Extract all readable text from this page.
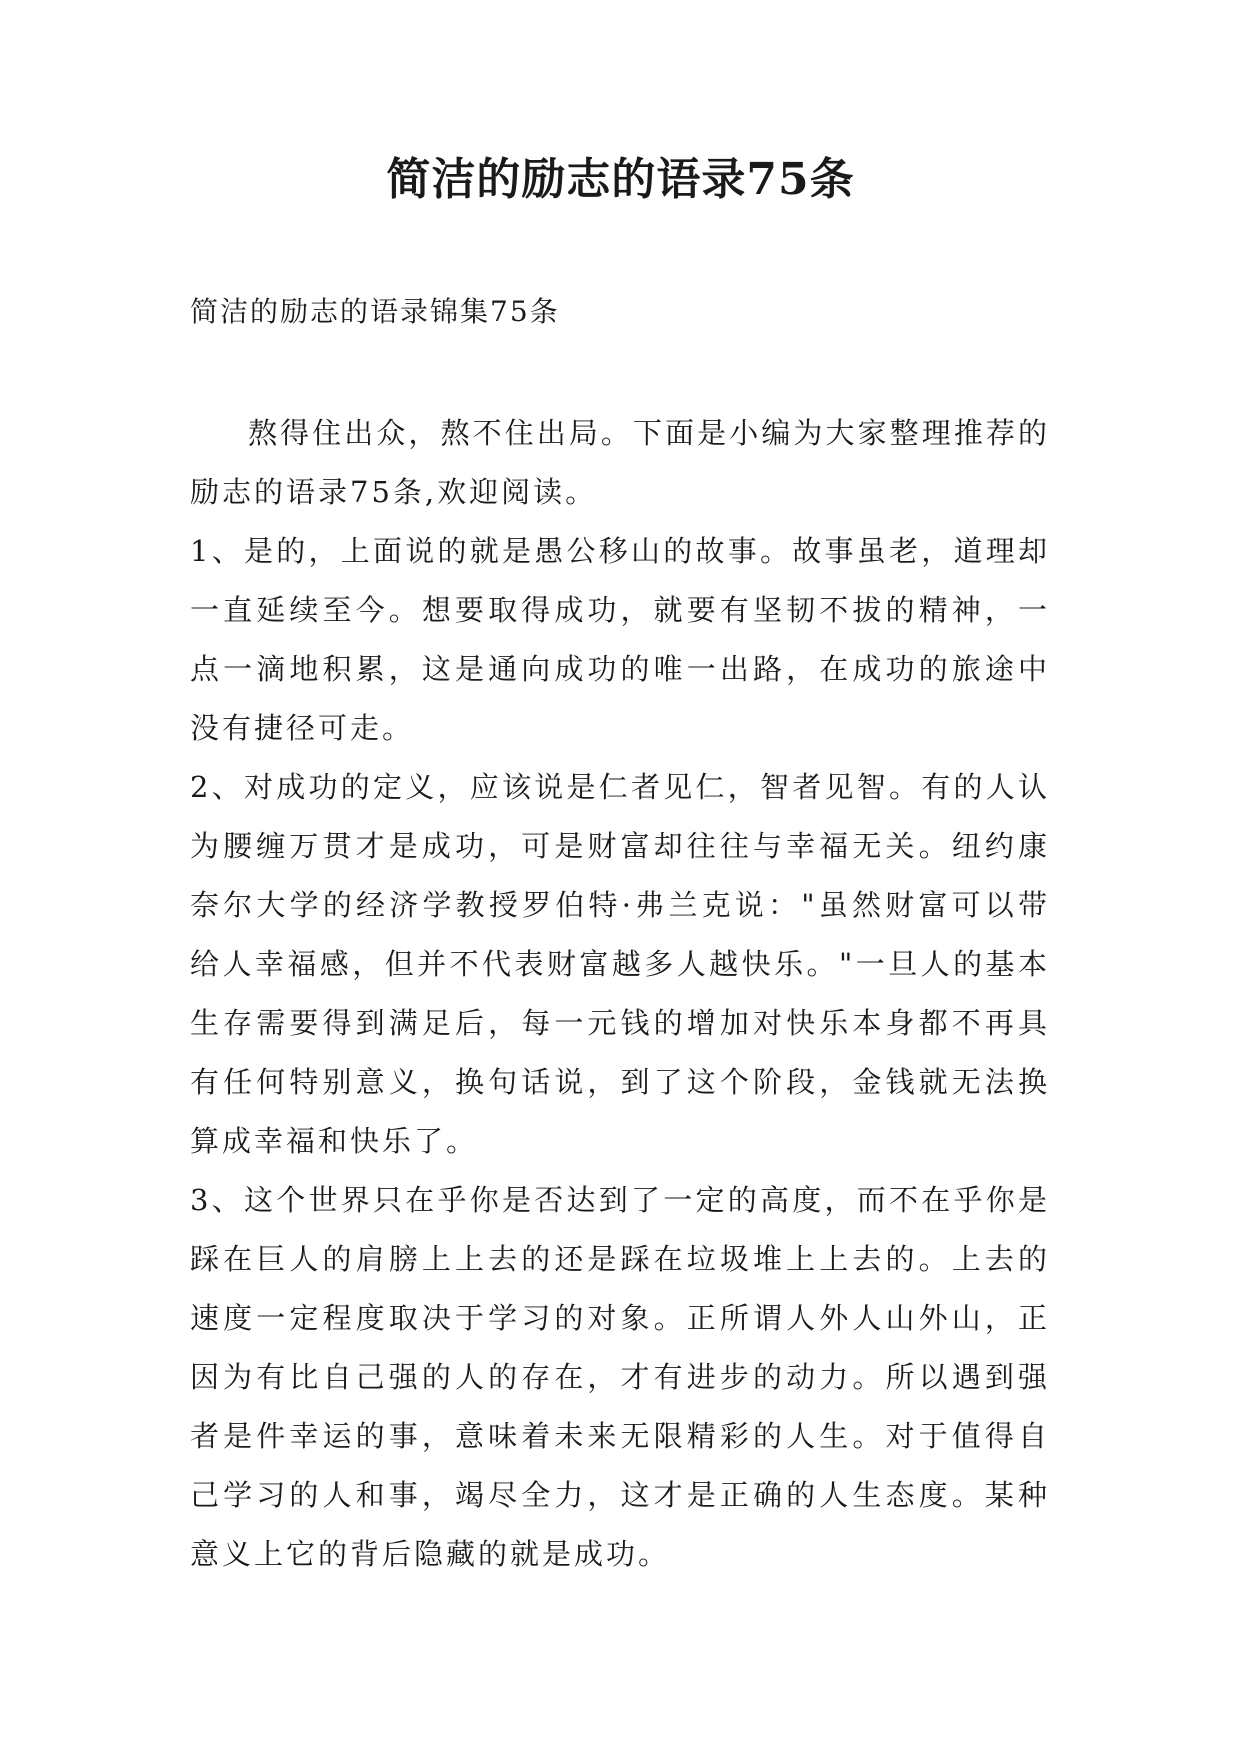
简洁的励志的语录75条

简洁的励志的语录锦集75条

熬得住出众，熬不住出局。下面是小编为大家整理推荐的励志的语录75条,欢迎阅读。

1、是的，上面说的就是愚公移山的故事。故事虽老，道理却一直延续至今。想要取得成功，就要有坚韧不拔的精神，一点一滴地积累，这是通向成功的唯一出路，在成功的旅途中没有捷径可走。

2、对成功的定义，应该说是仁者见仁，智者见智。有的人认为腰缠万贯才是成功，可是财富却往往与幸福无关。纽约康奈尔大学的经济学教授罗伯特·弗兰克说："虽然财富可以带给人幸福感，但并不代表财富越多人越快乐。"一旦人的基本生存需要得到满足后，每一元钱的增加对快乐本身都不再具有任何特别意义，换句话说，到了这个阶段，金钱就无法换算成幸福和快乐了。

3、这个世界只在乎你是否达到了一定的高度，而不在乎你是踩在巨人的肩膀上上去的还是踩在垃圾堆上上去的。上去的速度一定程度取决于学习的对象。正所谓人外人山外山，正因为有比自己强的人的存在，才有进步的动力。所以遇到强者是件幸运的事，意味着未来无限精彩的人生。对于值得自己学习的人和事，竭尽全力，这才是正确的人生态度。某种意义上它的背后隐藏的就是成功。
